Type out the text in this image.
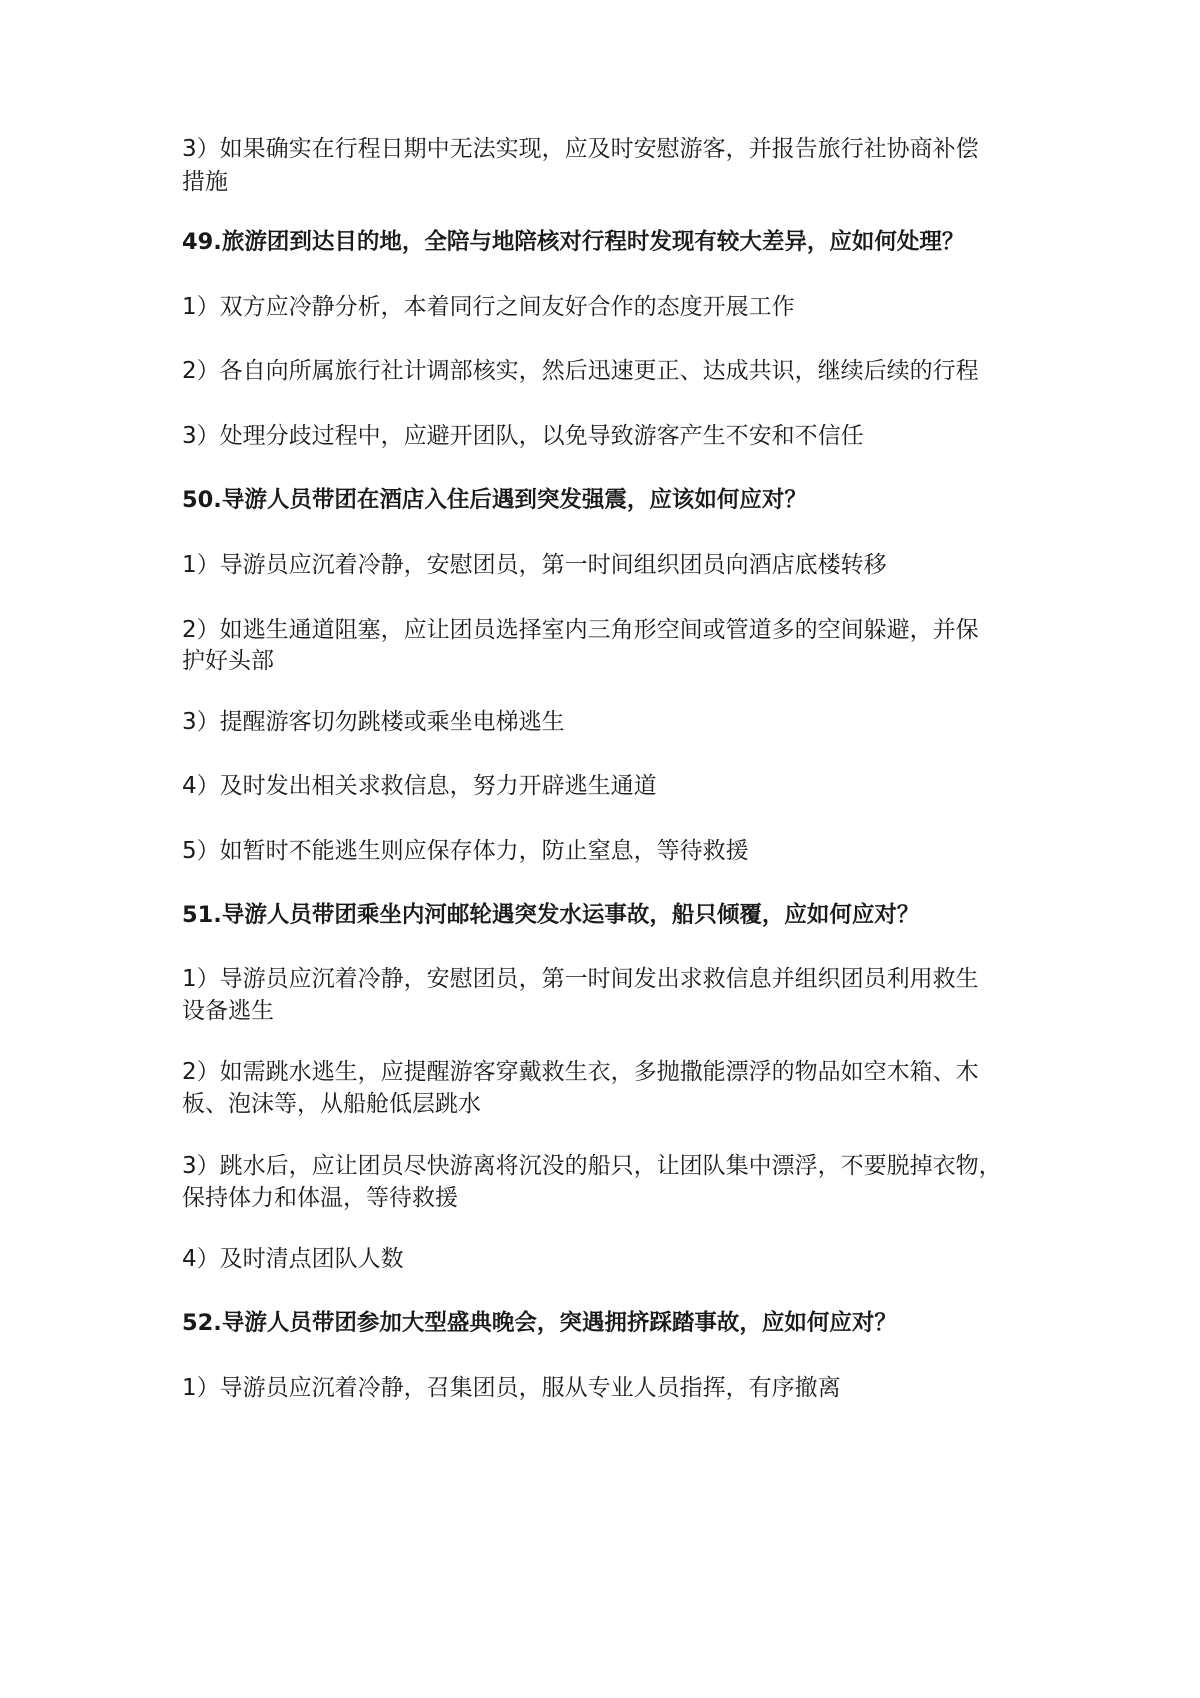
3）如果确实在行程日期中无法实现，应及时安慰游客，并报告旅行社协商补偿
措施
49.旅游团到达目的地，全陪与地陪核对行程时发现有较大差异，应如何处理？
1）双方应冷静分析，本着同行之间友好合作的态度开展工作
2）各自向所属旅行社计调部核实，然后迅速更正、达成共识，继续后续的行程
3）处理分歧过程中，应避开团队，以免导致游客产生不安和不信任
50.导游人员带团在酒店入住后遇到突发强震，应该如何应对？
1）导游员应沉着冷静，安慰团员，第一时间组织团员向酒店底楼转移
2）如逃生通道阻塞，应让团员选择室内三角形空间或管道多的空间躲避，并保
护好头部
3）提醒游客切勿跳楼或乘坐电梯逃生
4）及时发出相关求救信息，努力开辟逃生通道
5）如暂时不能逃生则应保存体力，防止窒息，等待救援
51.导游人员带团乘坐内河邮轮遇突发水运事故，船只倾覆，应如何应对？
1）导游员应沉着冷静，安慰团员，第一时间发出求救信息并组织团员利用救生
设备逃生
2）如需跳水逃生，应提醒游客穿戴救生衣，多抛撒能漂浮的物品如空木箱、木
板、泡沫等，从船舱低层跳水
3）跳水后，应让团员尽快游离将沉没的船只，让团队集中漂浮，不要脱掉衣物，
保持体力和体温，等待救援
4）及时清点团队人数
52.导游人员带团参加大型盛典晚会，突遇拥挤踩踏事故，应如何应对？
1）导游员应沉着冷静，召集团员，服从专业人员指挥，有序撤离
